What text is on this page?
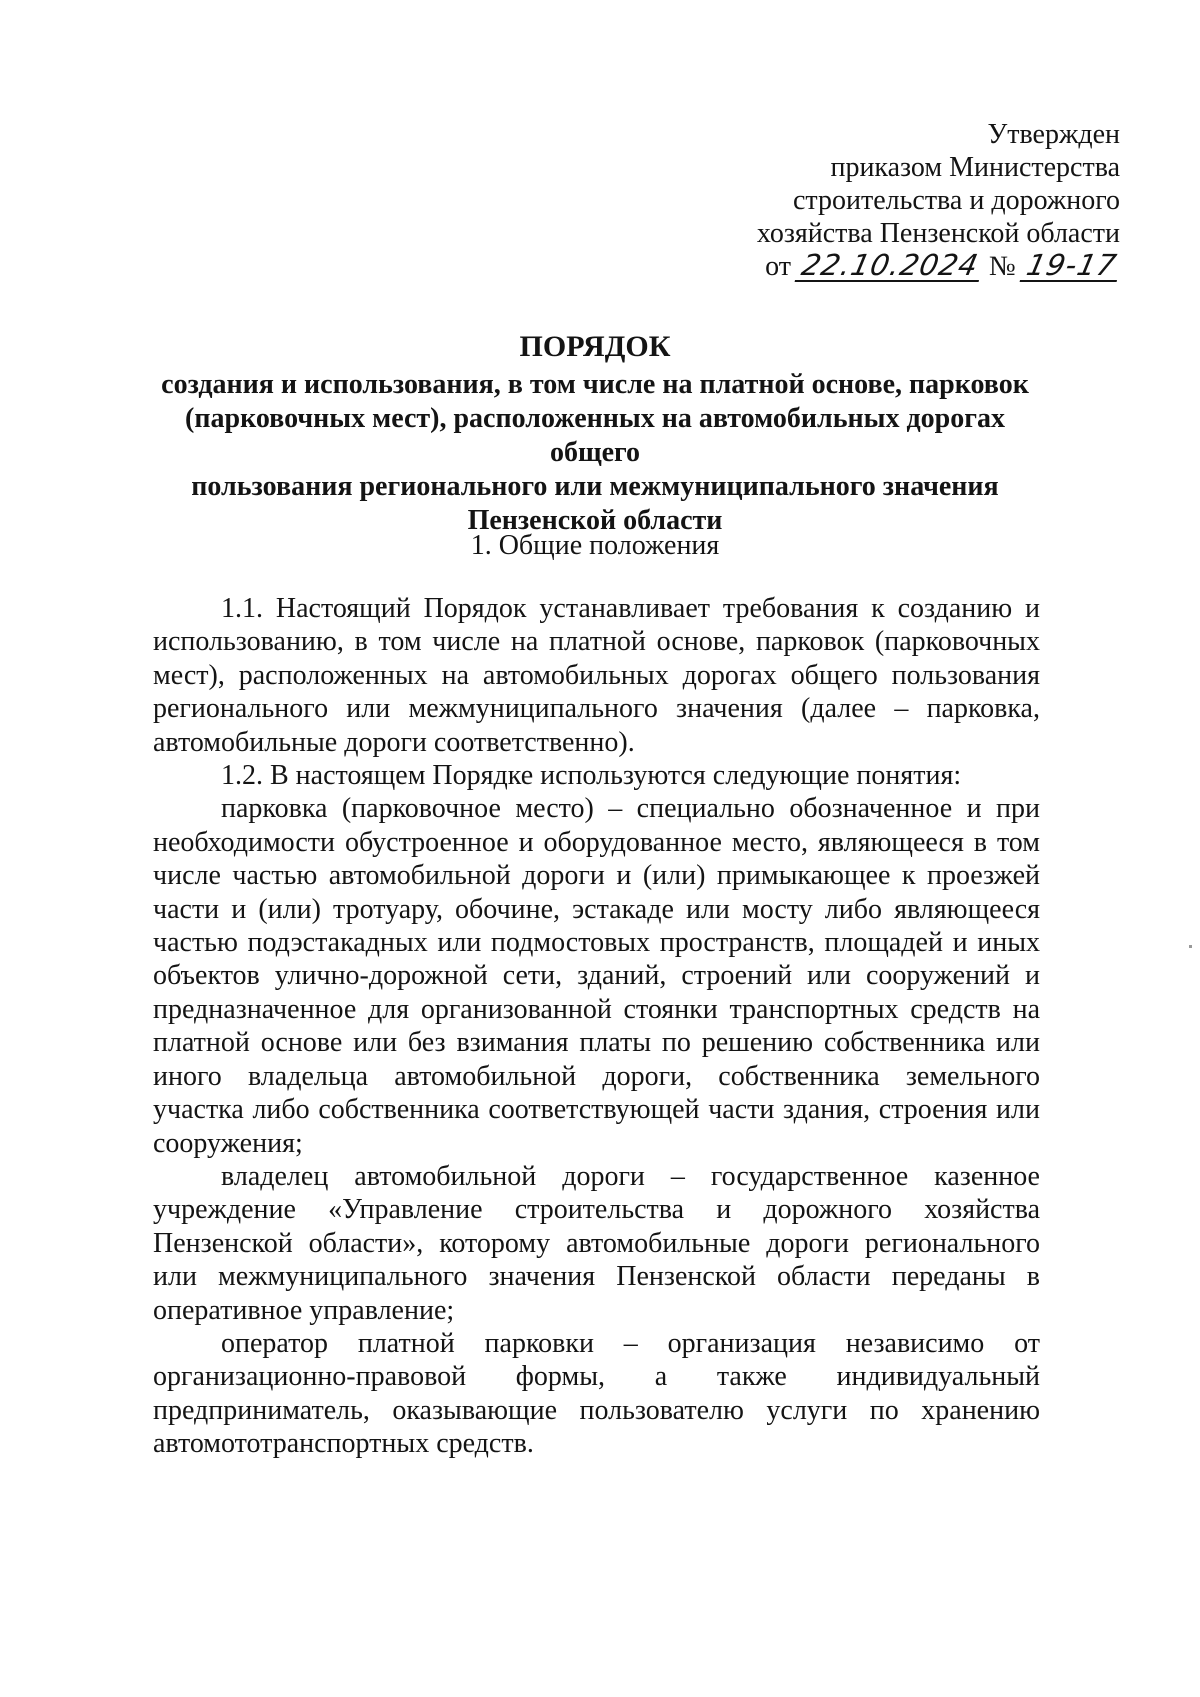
Утвержден
приказом Министерства
строительства и дорожного
хозяйства Пензенской области
от 22.10.2024 № 19-17
ПОРЯДОК
создания и использования, в том числе на платной основе, парковок
(парковочных мест), расположенных на автомобильных дорогах общего
пользования регионального или межмуниципального значения
Пензенской области
1. Общие положения

1.1. Настоящий Порядок устанавливает требования к созданию и использованию, в том числе на платной основе, парковок (парковочных мест), расположенных на автомобильных дорогах общего пользования регионального или межмуниципального значения (далее – парковка, автомобильные дороги соответственно).

1.2. В настоящем Порядке используются следующие понятия:

парковка (парковочное место) – специально обозначенное и при необходимости обустроенное и оборудованное место, являющееся в том числе частью автомобильной дороги и (или) примыкающее к проезжей части и (или) тротуару, обочине, эстакаде или мосту либо являющееся частью подэстакадных или подмостовых пространств, площадей и иных объектов улично-дорожной сети, зданий, строений или сооружений и предназначенное для организованной стоянки транспортных средств на платной основе или без взимания платы по решению собственника или иного владельца автомобильной дороги, собственника земельного участка либо собственника соответствующей части здания, строения или сооружения;

владелец автомобильной дороги – государственное казенное учреждение «Управление строительства и дорожного хозяйства Пензенской области», которому автомобильные дороги регионального или межмуниципального значения Пензенской области переданы в оперативное управление;

оператор платной парковки – организация независимо от организационно-правовой формы, а также индивидуальный предприниматель, оказывающие пользователю услуги по хранению автомототранспортных средств.
